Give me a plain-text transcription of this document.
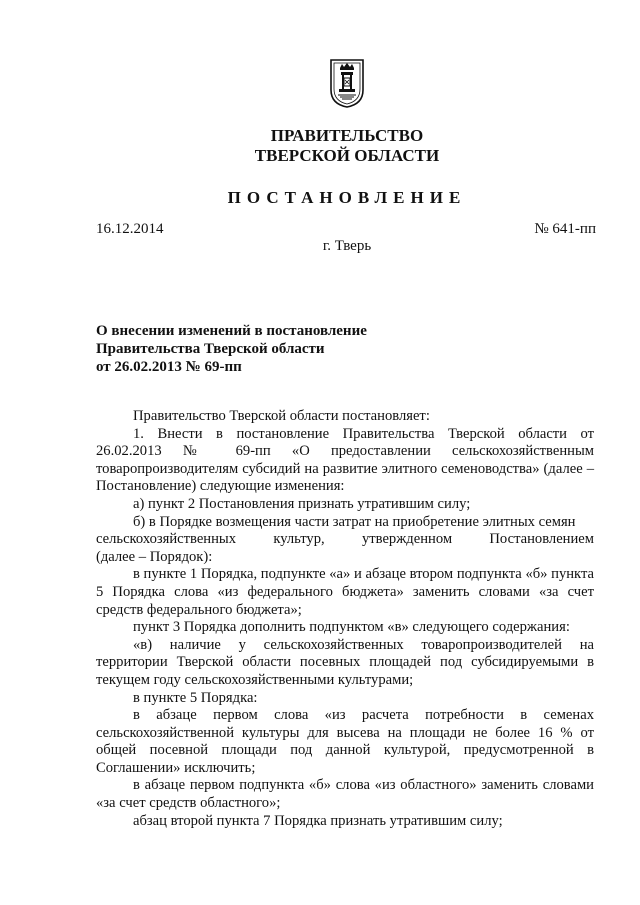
ПРАВИТЕЛЬСТВО
ТВЕРСКОЙ ОБЛАСТИ
ПОСТАНОВЛЕНИЕ
16.12.2014	№ 641-пп
г. Тверь
О внесении изменений в постановление
Правительства Тверской области
от 26.02.2013 № 69-пп

Правительство Тверской области постановляет:

1. Внести в постановление Правительства Тверской области от 26.02.2013 № 69-пп «О предоставлении сельскохозяйственным товаропроизводителям субсидий на развитие элитного семеноводства» (далее – Постановление) следующие изменения:

а) пункт 2 Постановления признать утратившим силу;

б) в Порядке возмещения части затрат на приобретение элитных семян

сельскохозяйственных	культур,	утвержденном	Постановлением
(далее – Порядок):

в пункте 1 Порядка, подпункте «а» и абзаце втором подпункта «б» пункта 5 Порядка слова «из федерального бюджета» заменить словами «за счет средств федерального бюджета»;

пункт 3 Порядка дополнить подпунктом «в» следующего содержания:

«в) наличие у сельскохозяйственных товаропроизводителей на территории Тверской области посевных площадей под субсидируемыми в текущем году сельскохозяйственными культурами;

в пункте 5 Порядка:

в абзаце первом слова «из расчета потребности в семенах сельскохозяйственной культуры для высева на площади не более 16 % от общей посевной площади под данной культурой, предусмотренной в Соглашении» исключить;

в абзаце первом подпункта «б» слова «из областного» заменить словами «за счет средств областного»;

абзац второй пункта 7 Порядка признать утратившим силу;
